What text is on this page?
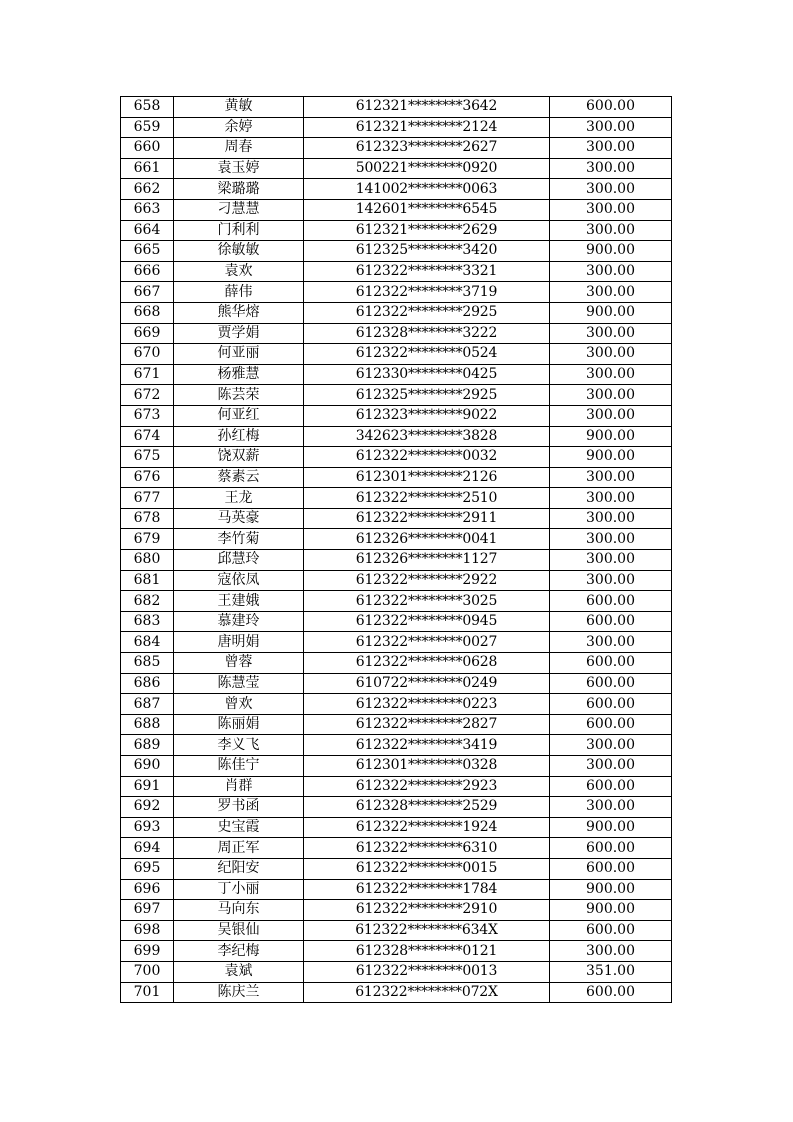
658	黄敏	612321********3642	600.00
659	余婷	612321********2124	300.00
660	周春	612323********2627	300.00
661	袁玉婷	500221********0920	300.00
662	梁璐璐	141002********0063	300.00
663	刁慧慧	142601********6545	300.00
664	门利利	612321********2629	300.00
665	徐敏敏	612325********3420	900.00
666	袁欢	612322********3321	300.00
667	薛伟	612322********3719	300.00
668	熊华熔	612322********2925	900.00
669	贾学娟	612328********3222	300.00
670	何亚丽	612322********0524	300.00
671	杨雅慧	612330********0425	300.00
672	陈芸荣	612325********2925	300.00
673	何亚红	612323********9022	300.00
674	孙红梅	342623********3828	900.00
675	饶双薪	612322********0032	900.00
676	蔡素云	612301********2126	300.00
677	王龙	612322********2510	300.00
678	马英豪	612322********2911	300.00
679	李竹菊	612326********0041	300.00
680	邱慧玲	612326********1127	300.00
681	寇依凤	612322********2922	300.00
682	王建娥	612322********3025	600.00
683	慕建玲	612322********0945	600.00
684	唐明娟	612322********0027	300.00
685	曾蓉	612322********0628	600.00
686	陈慧莹	610722********0249	600.00
687	曾欢	612322********0223	600.00
688	陈丽娟	612322********2827	600.00
689	李义飞	612322********3419	300.00
690	陈佳宁	612301********0328	300.00
691	肖群	612322********2923	600.00
692	罗书函	612328********2529	300.00
693	史宝霞	612322********1924	900.00
694	周正军	612322********6310	600.00
695	纪阳安	612322********0015	600.00
696	丁小丽	612322********1784	900.00
697	马向东	612322********2910	900.00
698	吴银仙	612322********634X	600.00
699	李纪梅	612328********0121	300.00
700	袁斌	612322********0013	351.00
701	陈庆兰	612322********072X	600.00
